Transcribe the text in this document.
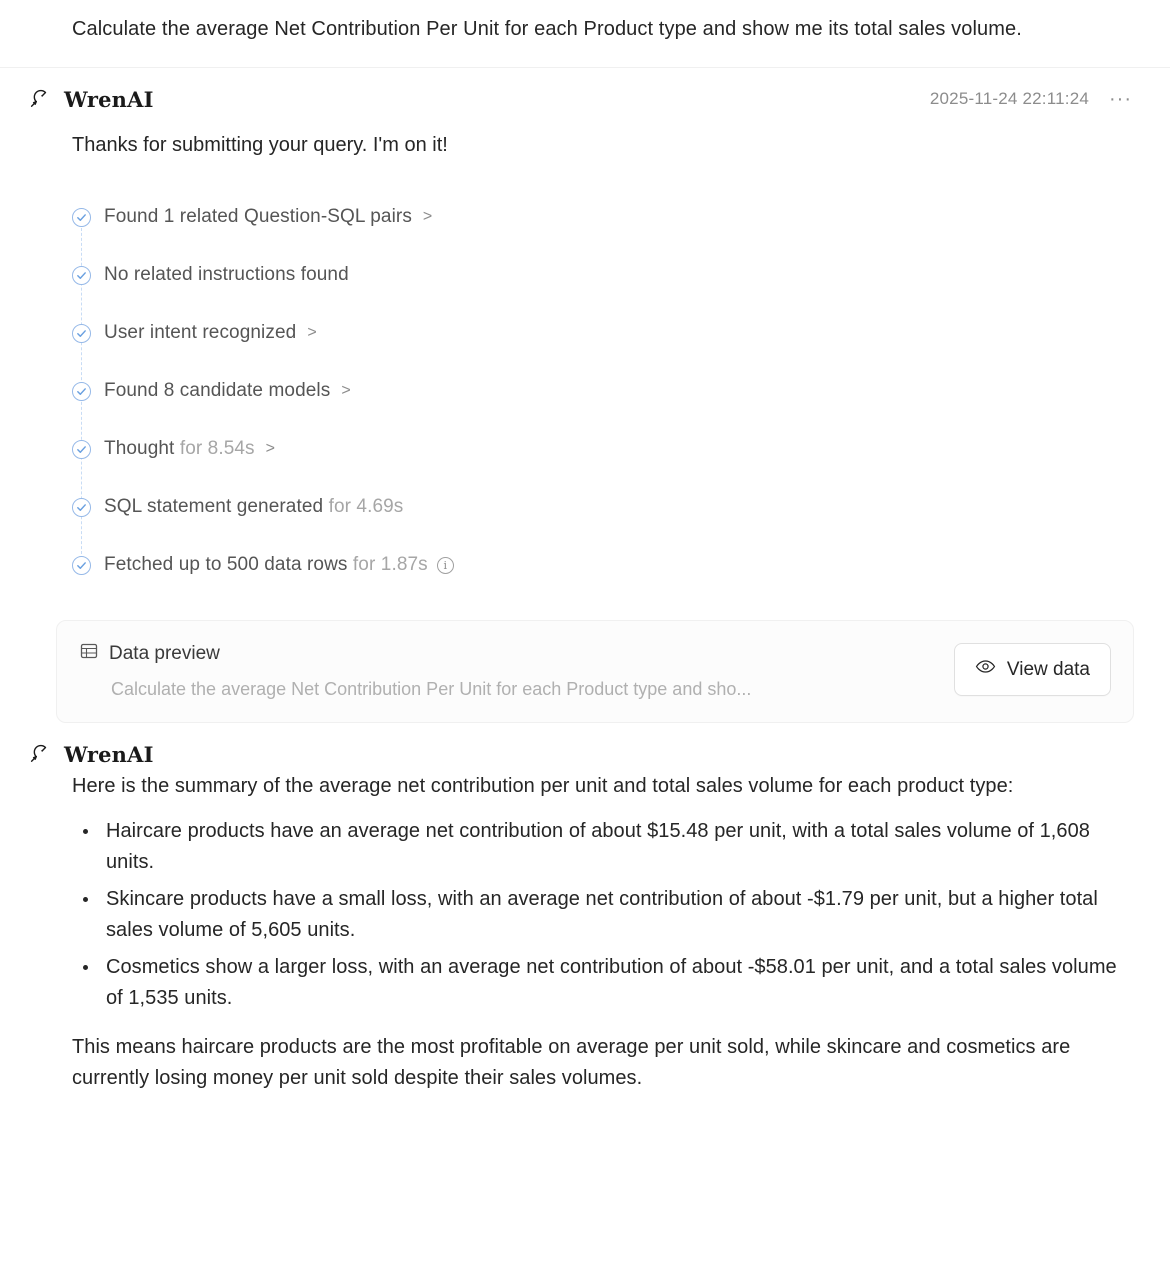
Calculate the average Net Contribution Per Unit for each Product type and show me its total sales volume.
WrenAI	2025-11-24 22:11:24 ···
Thanks for submitting your query. I'm on it!
Found 1 related Question-SQL pairs >
No related instructions found
User intent recognized >
Found 8 candidate models >
Thought for 8.54s >
SQL statement generated for 4.69s
Fetched up to 500 data rows for 1.87s	i
Data preview
Calculate the average Net Contribution Per Unit for each Product type and sho...
View data
WrenAI

Here is the summary of the average net contribution per unit and total sales volume for each product type:

• Haircare products have an average net contribution of about $15.48 per unit, with a total sales volume of 1,608 units.
• Skincare products have a small loss, with an average net contribution of about -$1.79 per unit, but a higher total sales volume of 5,605 units.
• Cosmetics show a larger loss, with an average net contribution of about -$58.01 per unit, and a total sales volume of 1,535 units.

This means haircare products are the most profitable on average per unit sold, while skincare and cosmetics are currently losing money per unit sold despite their sales volumes.
